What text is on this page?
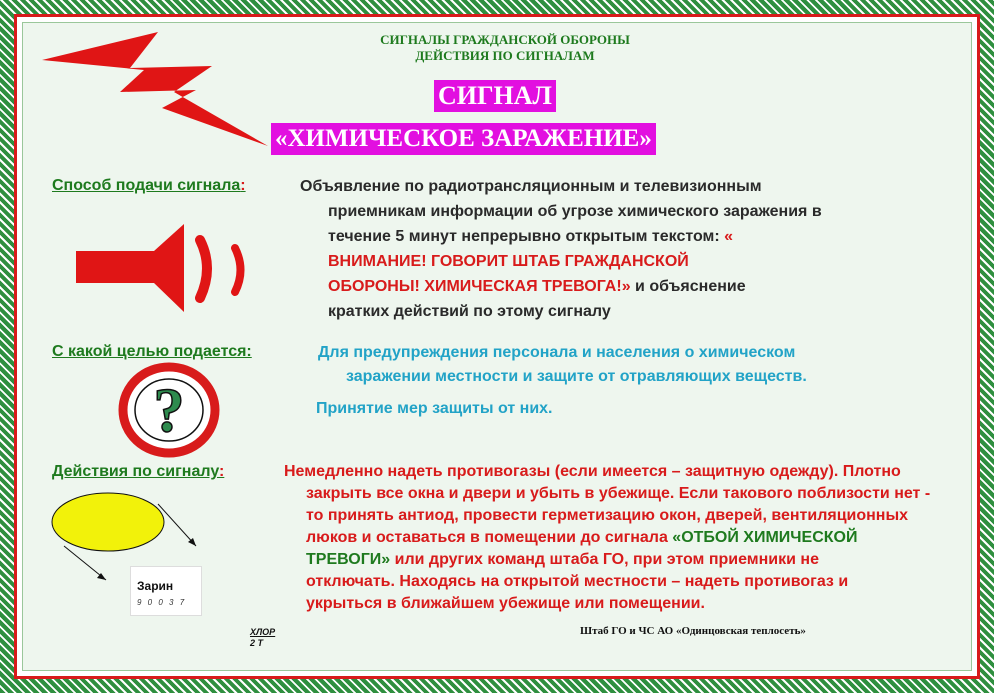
СИГНАЛЫ ГРАЖДАНСКОЙ ОБОРОНЫ
ДЕЙСТВИЯ ПО СИГНАЛАМ
СИГНАЛ
«ХИМИЧЕСКОЕ ЗАРАЖЕНИЕ»
Способ подачи сигнала:	Объявление по радиотрансляционным и телевизионным
приемникам информации об угрозе химического заражения в
течение 5 минут непрерывно открытым текстом: «
ВНИМАНИЕ! ГОВОРИТ ШТАБ ГРАЖДАНСКОЙ
ОБОРОНЫ! ХИМИЧЕСКАЯ ТРЕВОГА!» и объяснение
кратких действий по этому сигналу
С какой целью подается:	Для предупреждения персонала и населения о химическом
заражении местности и защите от отравляющих веществ.
Принятие мер защиты от них.
?
Действия по сигналу:	Немедленно надеть противогазы (если имеется – защитную одежду). Плотно
закрыть все окна и двери и убыть в убежище. Если такового поблизости нет -
то принять антиод, провести герметизацию окон, дверей, вентиляционных
люков и оставаться в помещении до сигнала «ОТБОЙ ХИМИЧЕСКОЙ
ТРЕВОГИ» или других команд штаба ГО, при этом приемники не
отключать. Находясь на открытой местности – надеть противогаз и
укрыться в ближайшем убежище или помещении.
Зарин
9 0 0 3 7
ХЛОР
2 Т
Штаб ГО и ЧС АО «Одинцовская теплосеть»
